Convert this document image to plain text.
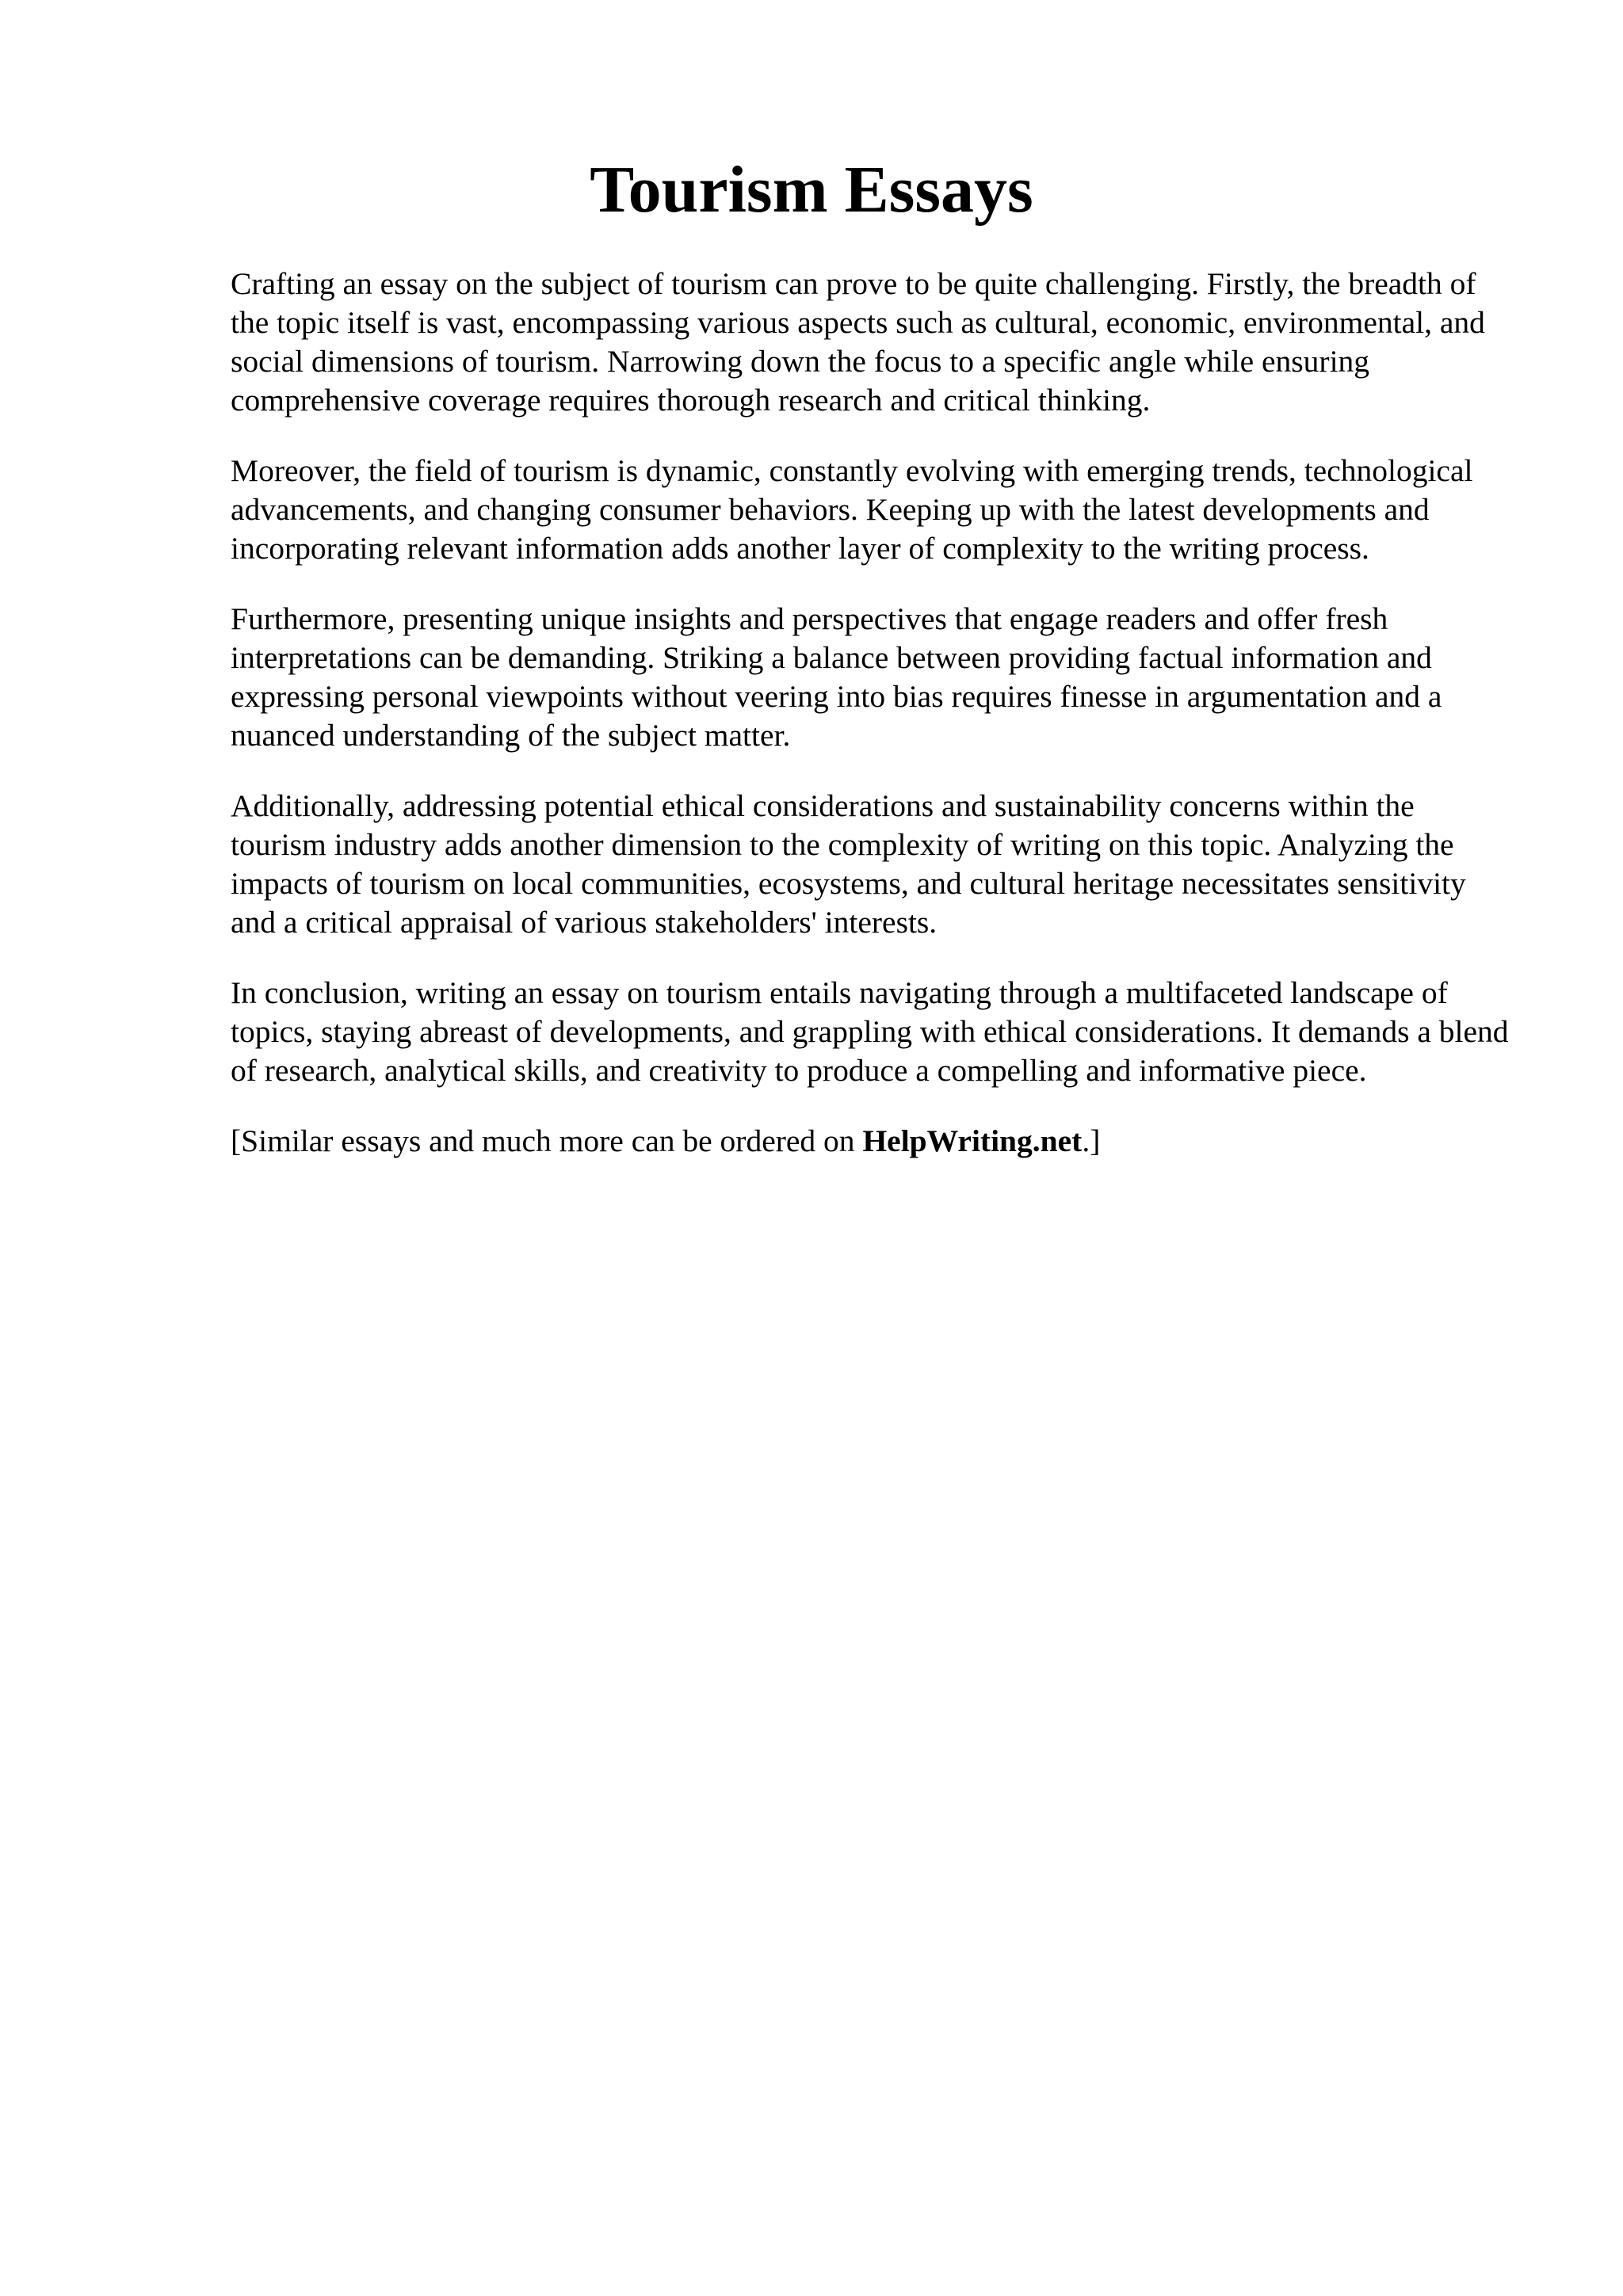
Tourism Essays

Crafting an essay on the subject of tourism can prove to be quite challenging. Firstly, the breadth of the topic itself is vast, encompassing various aspects such as cultural, economic, environmental, and social dimensions of tourism. Narrowing down the focus to a specific angle while ensuring comprehensive coverage requires thorough research and critical thinking.

Moreover, the field of tourism is dynamic, constantly evolving with emerging trends, technological advancements, and changing consumer behaviors. Keeping up with the latest developments and incorporating relevant information adds another layer of complexity to the writing process.

Furthermore, presenting unique insights and perspectives that engage readers and offer fresh interpretations can be demanding. Striking a balance between providing factual information and expressing personal viewpoints without veering into bias requires finesse in argumentation and a nuanced understanding of the subject matter.

Additionally, addressing potential ethical considerations and sustainability concerns within the tourism industry adds another dimension to the complexity of writing on this topic. Analyzing the impacts of tourism on local communities, ecosystems, and cultural heritage necessitates sensitivity and a critical appraisal of various stakeholders' interests.

In conclusion, writing an essay on tourism entails navigating through a multifaceted landscape of topics, staying abreast of developments, and grappling with ethical considerations. It demands a blend of research, analytical skills, and creativity to produce a compelling and informative piece.

[Similar essays and much more can be ordered on HelpWriting.net.]
